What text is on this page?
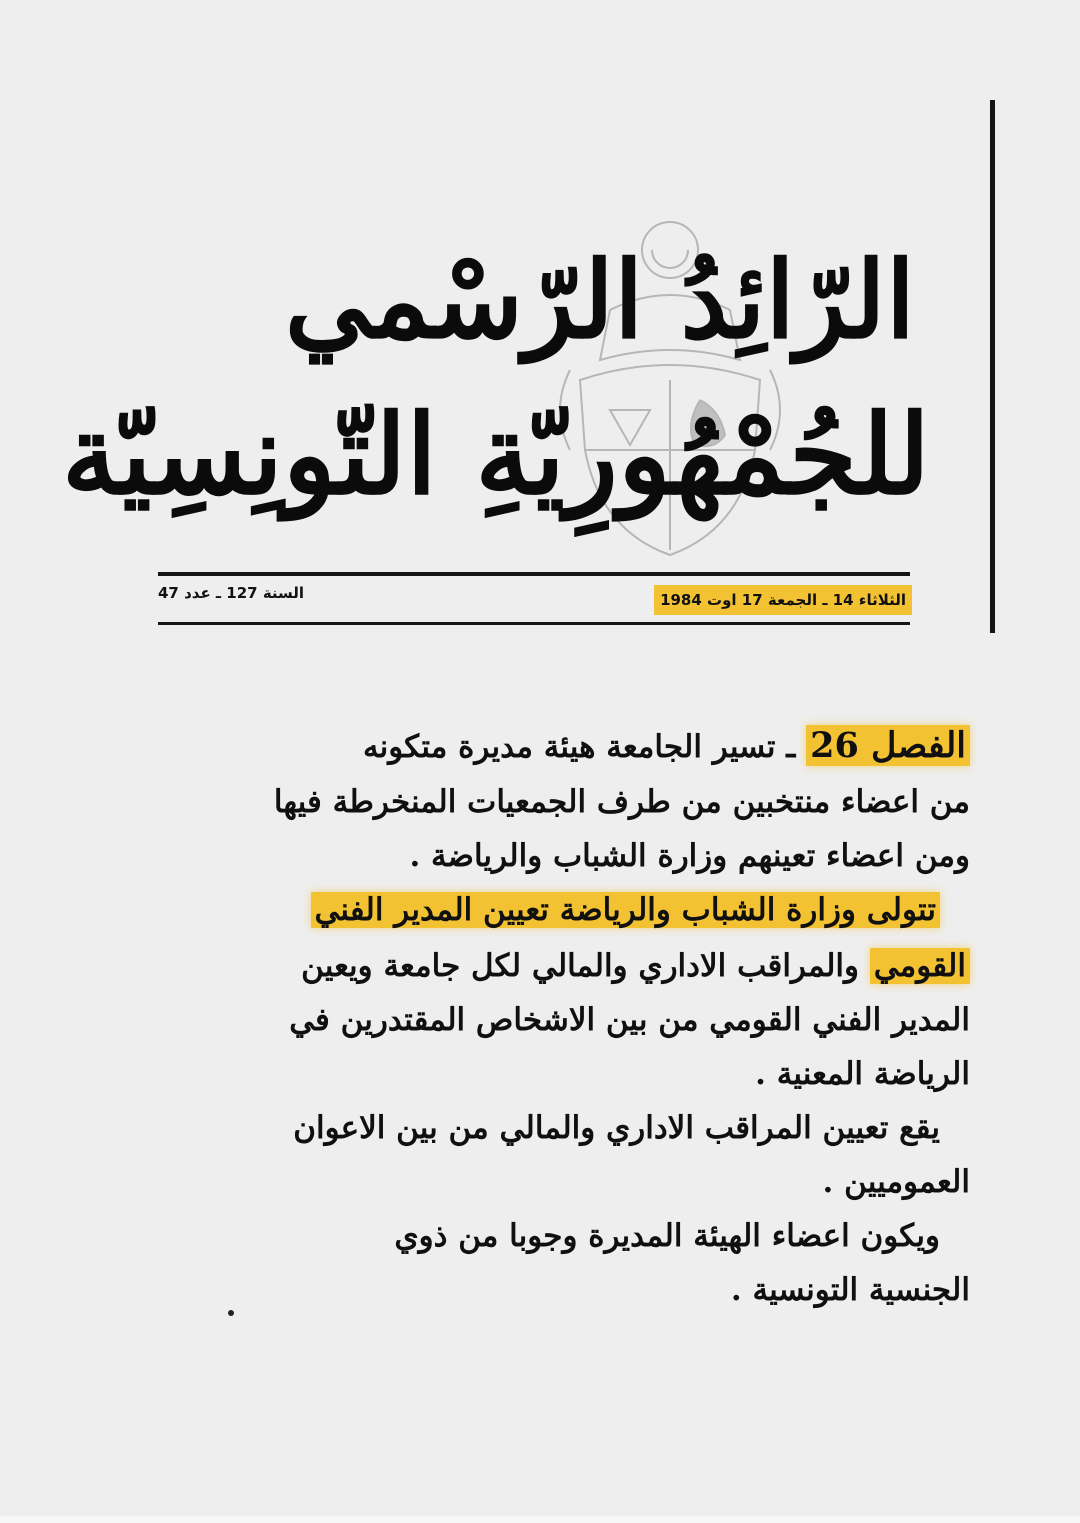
الرّائِدُ الرّسْمي
للجُمْهُورِيّةِ التّونِسِيّة
الثلاثاء 14 ـ الجمعة 17 اوت 1984
السنة 127 ـ عدد 47
الفصل 26 ـ تسير الجامعة هيئة مديرة متكونه
من اعضاء منتخبين من طرف الجمعيات المنخرطة فيها
ومن اعضاء تعينهم وزارة الشباب والرياضة .
تتولى وزارة الشباب والرياضة تعيين المدير الفني
القومي والمراقب الاداري والمالي لكل جامعة ويعين
المدير الفني القومي من بين الاشخاص المقتدرين في
الرياضة المعنية .
يقع تعيين المراقب الاداري والمالي من بين الاعوان
العموميين .
ويكون اعضاء الهيئة المديرة وجوبا من ذوي
الجنسية التونسية .
